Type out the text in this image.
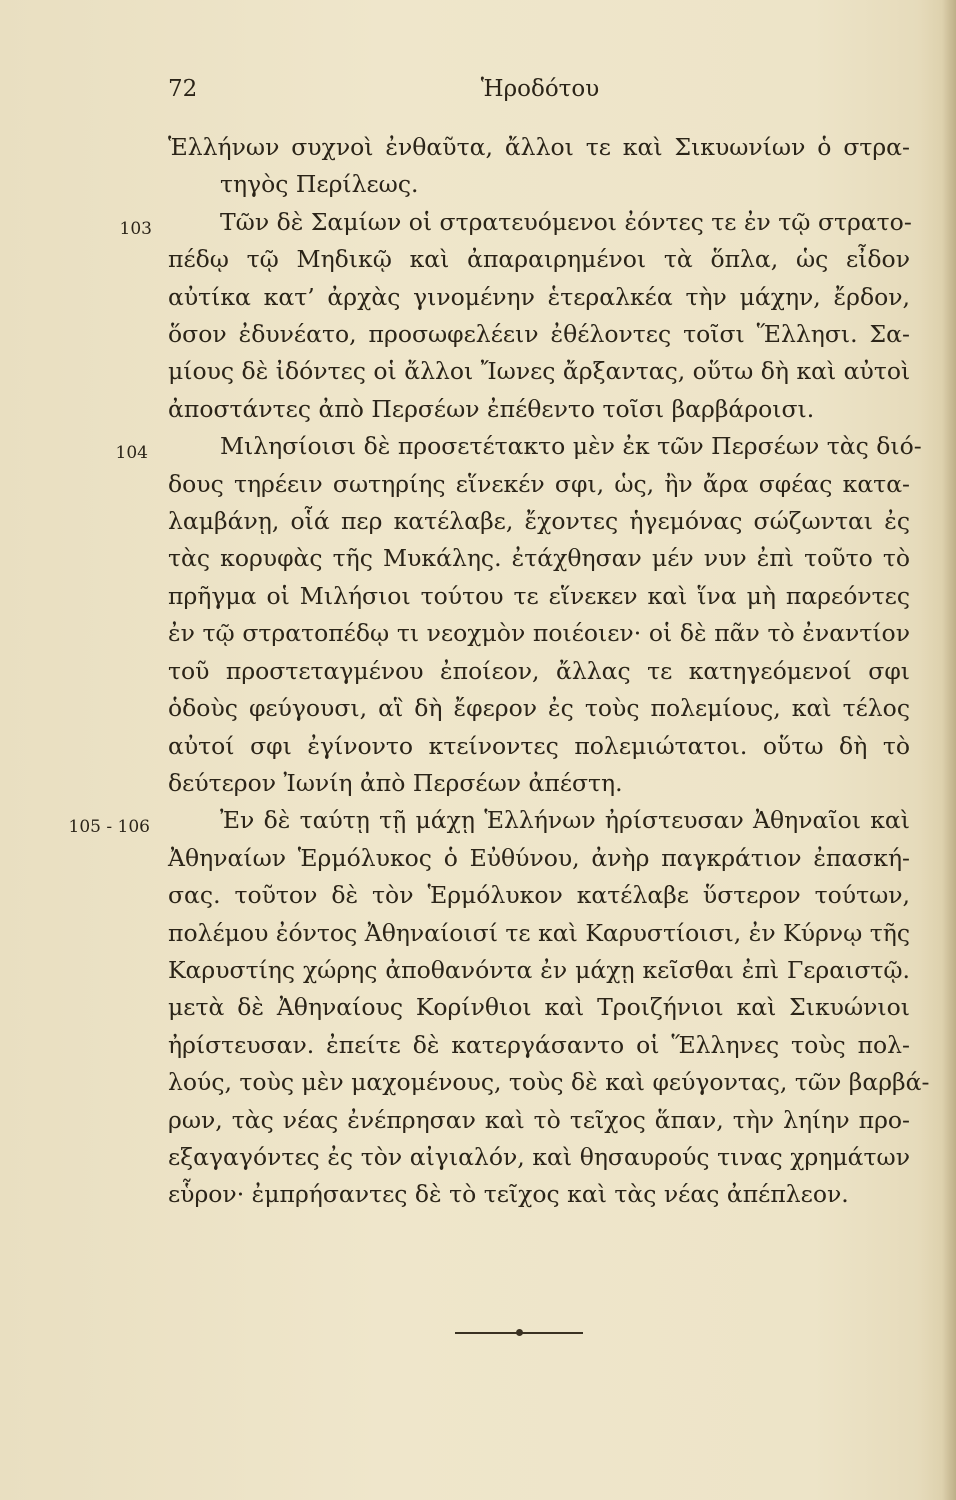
72	Ἡροδότου

Ἑλλήνων συχνοὶ ἐνθαῦτα, ἄλλοι τε καὶ Σικυωνίων ὁ στρα-
τηγὸς Περίλεως.

103	Τῶν δὲ Σαμίων οἱ στρατευόμενοι ἐόντες τε ἐν τῷ στρατο-
πέδῳ τῷ Μηδικῷ καὶ ἀπαραιρημένοι τὰ ὅπλα, ὡς εἶδον
αὐτίκα κατ’ ἀρχὰς γινομένην ἑτεραλκέα τὴν μάχην, ἔρδον,
ὅσον ἐδυνέατο, προσωφελέειν ἐθέλοντες τοῖσι Ἕλλησι. Σα-
μίους δὲ ἰδόντες οἱ ἄλλοι Ἴωνες ἄρξαντας, οὕτω δὴ καὶ αὐτοὶ
ἀποστάντες ἀπὸ Περσέων ἐπέθεντο τοῖσι βαρβάροισι.

104	Μιλησίοισι δὲ προσετέτακτο μὲν ἐκ τῶν Περσέων τὰς διό-
δους τηρέειν σωτηρίης εἵνεκέν σφι, ὡς, ἢν ἄρα σφέας κατα-
λαμβάνῃ, οἷά περ κατέλαβε, ἔχοντες ἡγεμόνας σώζωνται ἐς
τὰς κορυφὰς τῆς Μυκάλης. ἐτάχθησαν μέν νυν ἐπὶ τοῦτο τὸ
πρῆγμα οἱ Μιλήσιοι τούτου τε εἵνεκεν καὶ ἵνα μὴ παρεόντες
ἐν τῷ στρατοπέδῳ τι νεοχμὸν ποιέοιεν· οἱ δὲ πᾶν τὸ ἐναντίον
τοῦ προστεταγμένου ἐποίεον, ἄλλας τε κατηγεόμενοί σφι
ὁδοὺς φεύγουσι, αἳ δὴ ἔφερον ἐς τοὺς πολεμίους, καὶ τέλος
αὐτοί σφι ἐγίνοντο κτείνοντες πολεμιώτατοι. οὕτω δὴ τὸ
δεύτερον Ἰωνίη ἀπὸ Περσέων ἀπέστη.

105 - 106	Ἐν δὲ ταύτῃ τῇ μάχῃ Ἑλλήνων ἠρίστευσαν Ἀθηναῖοι καὶ
Ἀθηναίων Ἑρμόλυκος ὁ Εὐθύνου, ἀνὴρ παγκράτιον ἐπασκή-
σας. τοῦτον δὲ τὸν Ἑρμόλυκον κατέλαβε ὕστερον τούτων,
πολέμου ἐόντος Ἀθηναίοισί τε καὶ Καρυστίοισι, ἐν Κύρνῳ τῆς
Καρυστίης χώρης ἀποθανόντα ἐν μάχῃ κεῖσθαι ἐπὶ Γεραιστῷ.
μετὰ δὲ Ἀθηναίους Κορίνθιοι καὶ Τροιζήνιοι καὶ Σικυώνιοι
ἠρίστευσαν. ἐπείτε δὲ κατεργάσαντο οἱ Ἕλληνες τοὺς πολ-
λούς, τοὺς μὲν μαχομένους, τοὺς δὲ καὶ φεύγοντας, τῶν βαρβά-
ρων, τὰς νέας ἐνέπρησαν καὶ τὸ τεῖχος ἅπαν, τὴν ληίην προ-
εξαγαγόντες ἐς τὸν αἰγιαλόν, καὶ θησαυρούς τινας χρημάτων
εὗρον· ἐμπρήσαντες δὲ τὸ τεῖχος καὶ τὰς νέας ἀπέπλεον.
